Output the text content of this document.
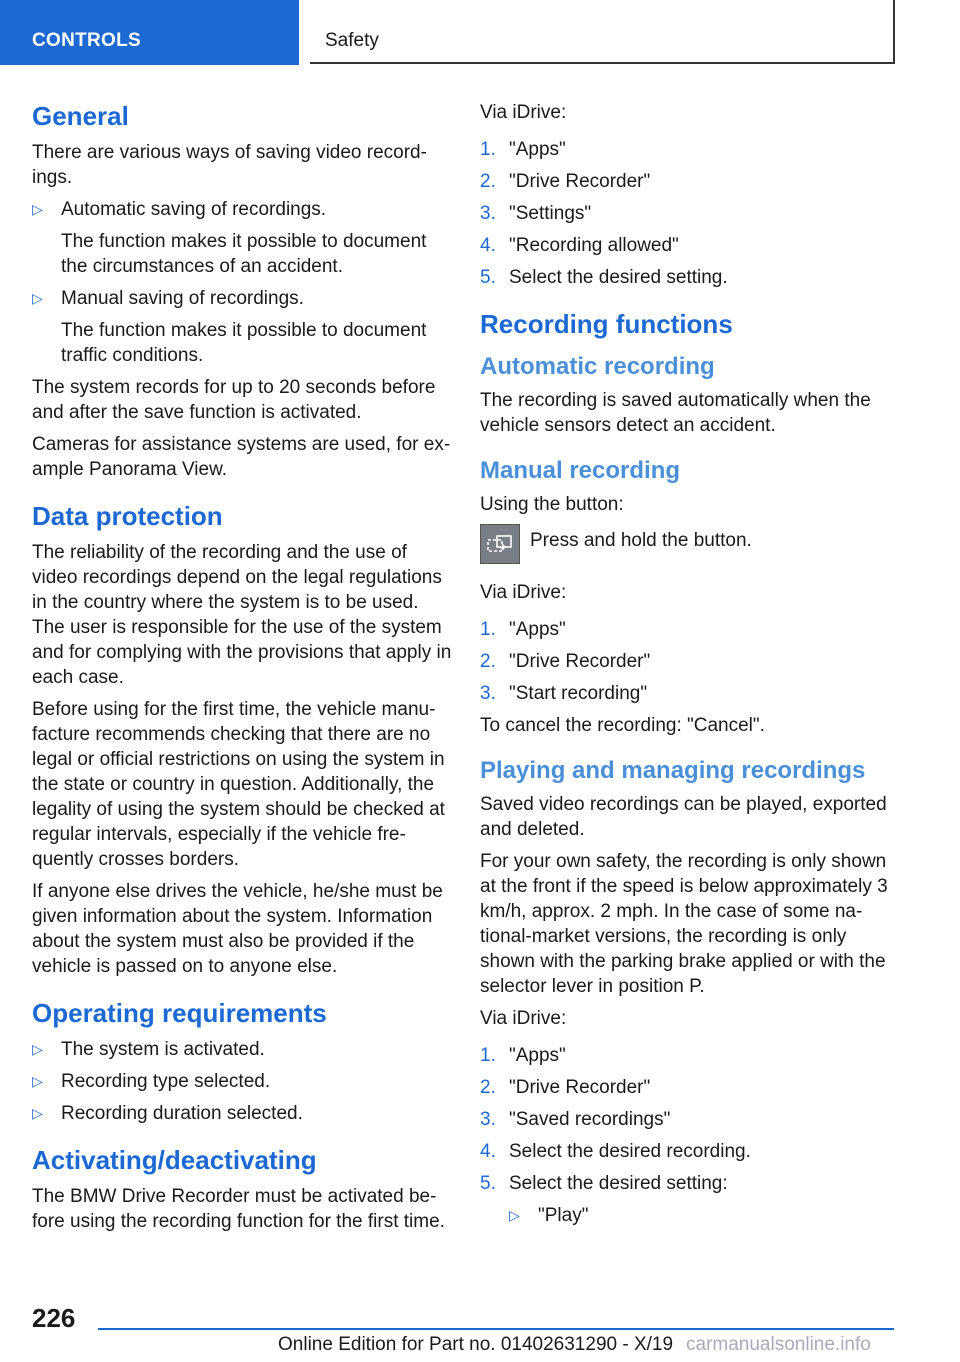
CONTROLS	Safety
General

There are various ways of saving video record-ings.

▷ Automatic saving of recordings.
The function makes it possible to document the circumstances of an accident.
▷ Manual saving of recordings.
The function makes it possible to document traffic conditions.

The system records for up to 20 seconds before and after the save function is activated.

Cameras for assistance systems are used, for ex-ample Panorama View.

Data protection

The reliability of the recording and the use of video recordings depend on the legal regulations in the country where the system is to be used. The user is responsible for the use of the system and for complying with the provisions that apply in each case.

Before using for the first time, the vehicle manu-facture recommends checking that there are no legal or official restrictions on using the system in the state or country in question. Additionally, the legality of using the system should be checked at regular intervals, especially if the vehicle fre-quently crosses borders.

If anyone else drives the vehicle, he/she must be given information about the system. Information about the system must also be provided if the vehicle is passed on to anyone else.

Operating requirements
▷ The system is activated.
▷ Recording type selected.
▷ Recording duration selected.
Activating/deactivating

The BMW Drive Recorder must be activated be-fore using the recording function for the first time.

Via iDrive:

1. "Apps"
2. "Drive Recorder"
3. "Settings"
4. "Recording allowed"
5. Select the desired setting.
Recording functions
Automatic recording

The recording is saved automatically when the vehicle sensors detect an accident.

Manual recording

Using the button:

Press and hold the button.

Via iDrive:

1. "Apps"
2. "Drive Recorder"
3. "Start recording"

To cancel the recording: "Cancel".

Playing and managing recordings

Saved video recordings can be played, exported and deleted.

For your own safety, the recording is only shown at the front if the speed is below approximately 3 km/h, approx. 2 mph. In the case of some na-tional-market versions, the recording is only shown with the parking brake applied or with the selector lever in position P.

Via iDrive:

1. "Apps"
2. "Drive Recorder"
3. "Saved recordings"
4. Select the desired recording.
5. Select the desired setting:
▷ "Play"
226
Online Edition for Part no. 01402631290 - X/19 carmanualsonline.info
